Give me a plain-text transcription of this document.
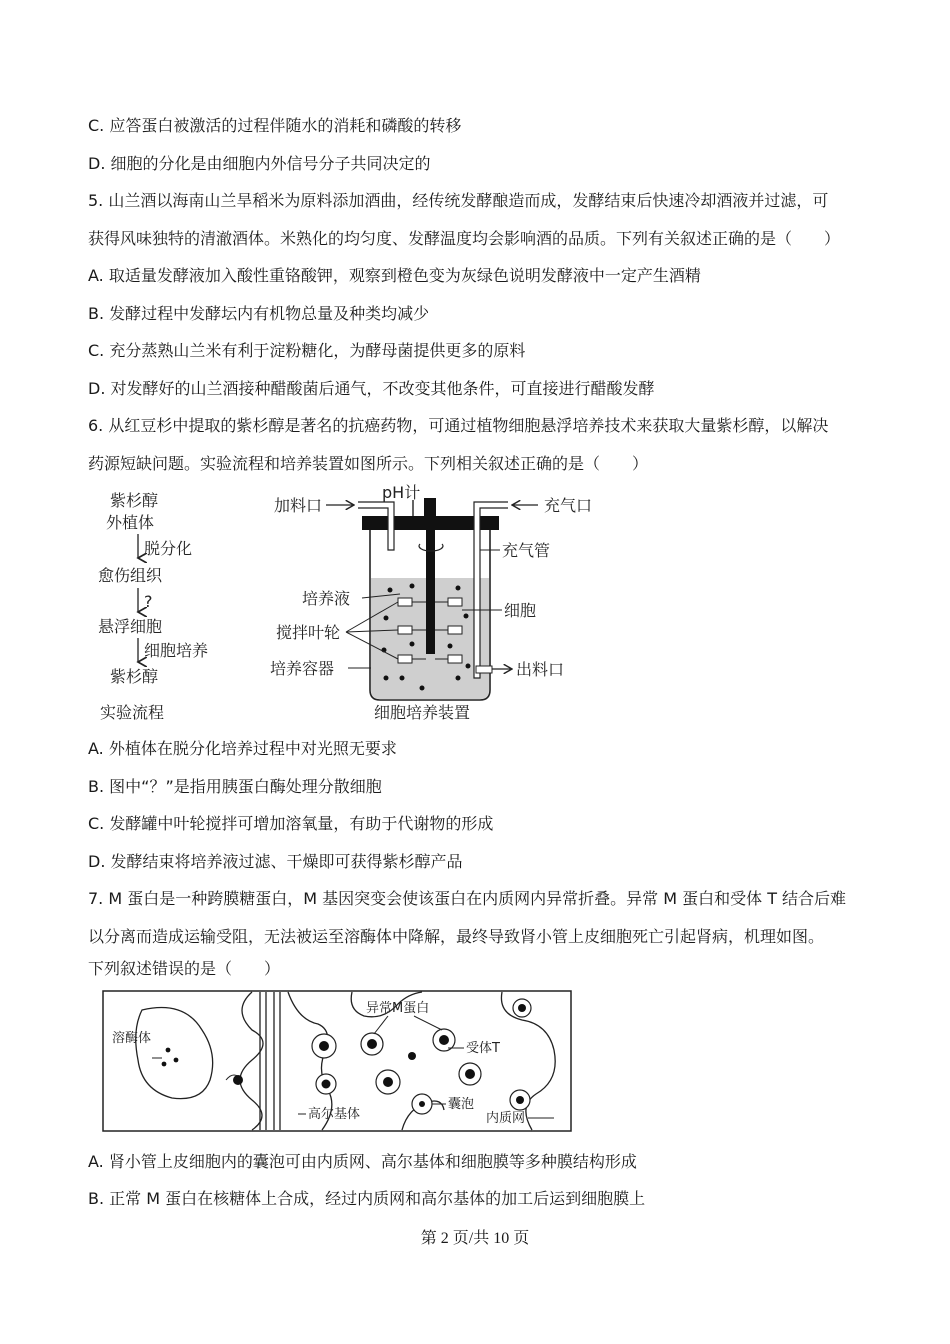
C. 应答蛋白被激活的过程伴随水的消耗和磷酸的转移
D. 细胞的分化是由细胞内外信号分子共同决定的
5. 山兰酒以海南山兰旱稻米为原料添加酒曲，经传统发酵酿造而成，发酵结束后快速冷却酒液并过滤，可
获得风味独特的清澈酒体。米熟化的均匀度、发酵温度均会影响酒的品质。下列有关叙述正确的是（　　）
A. 取适量发酵液加入酸性重铬酸钾，观察到橙色变为灰绿色说明发酵液中一定产生酒精
B. 发酵过程中发酵坛内有机物总量及种类均减少
C. 充分蒸熟山兰米有利于淀粉糖化，为酵母菌提供更多的原料
D. 对发酵好的山兰酒接种醋酸菌后通气，不改变其他条件，可直接进行醋酸发酵
6. 从红豆杉中提取的紫杉醇是著名的抗癌药物，可通过植物细胞悬浮培养技术来获取大量紫杉醇，以解决
药源短缺问题。实验流程和培养装置如图所示。下列相关叙述正确的是（　　）
紫杉醇
外植体
脱分化
愈伤组织
?
悬浮细胞
细胞培养
紫杉醇
实验流程
pH计
加料口	充气口
充气管
培养液
搅拌叶轮
培养容器
细胞
出料口
细胞培养装置
A. 外植体在脱分化培养过程中对光照无要求
B. 图中“？”是指用胰蛋白酶处理分散细胞
C. 发酵罐中叶轮搅拌可增加溶氧量，有助于代谢物的形成
D. 发酵结束将培养液过滤、干燥即可获得紫杉醇产品
7. M 蛋白是一种跨膜糖蛋白，M 基因突变会使该蛋白在内质网内异常折叠。异常 M 蛋白和受体 T 结合后难
以分离而造成运输受阻，无法被运至溶酶体中降解，最终导致肾小管上皮细胞死亡引起肾病，机理如图。
下列叙述错误的是（　　）
溶酶体
异常M蛋白
受体T
高尔基体
囊泡
内质网
A. 肾小管上皮细胞内的囊泡可由内质网、高尔基体和细胞膜等多种膜结构形成
B. 正常 M 蛋白在核糖体上合成，经过内质网和高尔基体的加工后运到细胞膜上
第 2 页/共 10 页
